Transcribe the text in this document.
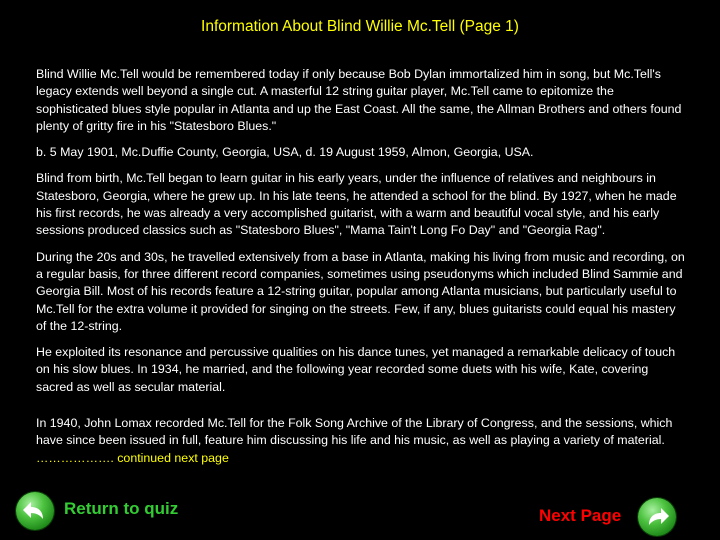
Information About Blind Willie Mc.Tell (Page 1)

Blind Willie Mc.Tell would be remembered today if only because Bob Dylan immortalized him in song, but Mc.Tell's legacy extends well beyond a single cut. A masterful 12 string guitar player, Mc.Tell came to epitomize the sophisticated blues style popular in Atlanta and up the East Coast. All the same, the Allman Brothers and others found plenty of gritty fire in his "Statesboro Blues."

b. 5 May 1901, Mc.Duffie County, Georgia, USA, d. 19 August 1959, Almon, Georgia, USA.

Blind from birth, Mc.Tell began to learn guitar in his early years, under the influence of relatives and neighbours in Statesboro, Georgia, where he grew up. In his late teens, he attended a school for the blind. By 1927, when he made his first records, he was already a very accomplished guitarist, with a warm and beautiful vocal style, and his early sessions produced classics such as "Statesboro Blues", "Mama Tain't Long Fo Day" and "Georgia Rag".

During the 20s and 30s, he travelled extensively from a base in Atlanta, making his living from music and recording, on a regular basis, for three different record companies, sometimes using pseudonyms which included Blind Sammie and Georgia Bill. Most of his records feature a 12-string guitar, popular among Atlanta musicians, but particularly useful to Mc.Tell for the extra volume it provided for singing on the streets. Few, if any, blues guitarists could equal his mastery of the 12-string.

He exploited its resonance and percussive qualities on his dance tunes, yet managed a remarkable delicacy of touch on his slow blues. In 1934, he married, and the following year recorded some duets with his wife, Kate, covering sacred as well as secular material.

In 1940, John Lomax recorded Mc.Tell for the Folk Song Archive of the Library of Congress, and the sessions, which have since been issued in full, feature him discussing his life and his music, as well as playing a variety of material. ………………. continued next page

Return to quiz	Next Page
